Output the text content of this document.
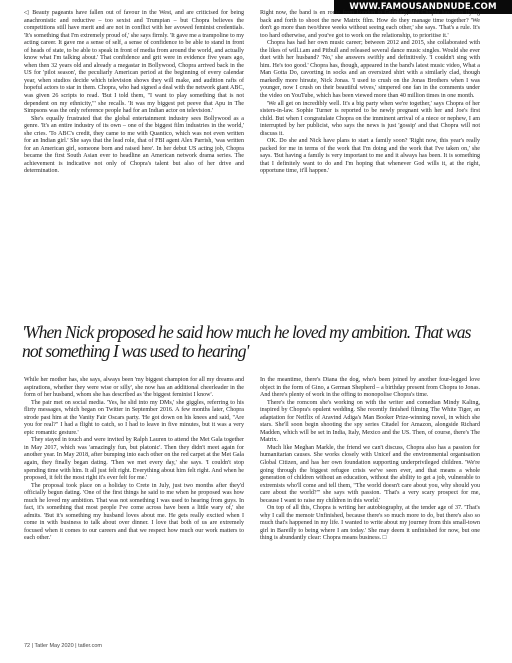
WWW.FAMOUSANDNUDE.COM

◁ Beauty pageants have fallen out of favour in the West, and are criticised for being anachronistic and reductive – too sexist and Trumpian – but Chopra believes the competitions still have merit and are not in conflict with her avowed feminist credentials. 'It's something that I'm extremely proud of,' she says firmly. 'It gave me a trampoline to my acting career. It gave me a sense of self, a sense of confidence to be able to stand in front of heads of state, to be able to speak in front of media from around the world, and actually know what I'm talking about.' That confidence and grit were in evidence five years ago, when then 32 years old and already a megastar in Bollywood, Chopra arrived back in the US for 'pilot season', the peculiarly American period at the beginning of every calendar year, when studios decide which television shows they will make, and audition rafts of hopeful actors to star in them. Chopra, who had signed a deal with the network giant ABC, was given 26 scripts to read. 'But I told them, "I want to play something that is not dependent on my ethnicity,"' she recalls. 'It was my biggest pet peeve that Apu in The Simpsons was the only reference people had for an Indian actor on television.'

She's equally frustrated that the global entertainment industry sees Bollywood as a genre. 'It's an entire industry of its own – one of the biggest film industries in the world,' she cries. 'To ABC's credit, they came to me with Quantico, which was not even written for an Indian girl.' She says that the lead role, that of FBI agent Alex Parrish, 'was written for an American girl, someone born and raised here'. In her debut US acting job, Chopra became the first South Asian ever to headline an American network drama series. The achievement is indicative not only of Chopra's talent but also of her drive and determination.

Right now, the band is en route from London to Germany, and Chopra has been flying back and forth to shoot the new Matrix film. How do they manage time together? 'We don't go more than two/three weeks without seeing each other,' she says. 'That's a rule. It's too hard otherwise, and you've got to work on the relationship, to prioritise it.'

Chopra has had her own music career; between 2012 and 2015, she collaborated with the likes of will.i.am and Pitbull and released several dance music singles. Would she ever duet with her husband? 'No,' she answers swiftly and definitively. 'I couldn't sing with him. He's too good.' Chopra has, though, appeared in the band's latest music video, What a Man Gotta Do, cavorting in socks and an oversized shirt with a similarly clad, though markedly more hirsute, Nick Jonas. 'I used to crush on the Jonas Brothers when I was younger, now I crush on their beautiful wives,' simpered one fan in the comments under the video on YouTube, which has been viewed more than 40 million times in one month.

'We all get on incredibly well. It's a big party when we're together,' says Chopra of her sisters-in-law. Sophie Turner is reported to be newly pregnant with her and Joe's first child. But when I congratulate Chopra on the imminent arrival of a niece or nephew, I am interrupted by her publicist, who says the news is just 'gossip' and that Chopra will not discuss it.

OK. Do she and Nick have plans to start a family soon? 'Right now, this year's really packed for me in terms of the work that I'm doing and the work that I've taken on,' she says. 'But having a family is very important to me and it always has been. It is something that I definitely want to do and I'm hoping that whenever God wills it, at the right, opportune time, it'll happen.'

'When Nick proposed he said how much he loved my ambition. That was not something I was used to hearing'

While her mother has, she says, always been 'my biggest champion for all my dreams and aspirations, whether they were wise or silly', she now has an additional cheerleader in the form of her husband, whom she has described as 'the biggest feminist I know'.

The pair met on social media. 'Yes, he slid into my DMs,' she giggles, referring to his flirty messages, which began on Twitter in September 2016. A few months later, Chopra strode past him at the Vanity Fair Oscars party. 'He got down on his knees and said, "Are you for real?" I had a flight to catch, so I had to leave in five minutes, but it was a very epic romantic gesture.'

They stayed in touch and were invited by Ralph Lauren to attend the Met Gala together in May 2017, which was 'amazingly fun, but platonic'. Then they didn't meet again for another year. In May 2018, after bumping into each other on the red carpet at the Met Gala again, they finally began dating. 'Then we met every day,' she says. 'I couldn't stop spending time with him. It all just felt right. Everything about him felt right. And when he proposed, it felt the most right it's ever felt for me.'

The proposal took place on a holiday to Crete in July, just two months after they'd officially begun dating. 'One of the first things he said to me when he proposed was how much he loved my ambition. That was not something I was used to hearing from guys. In fact, it's something that most people I've come across have been a little wary of,' she admits. 'But it's something my husband loves about me. He gets really excited when I come in with business to talk about over dinner. I love that both of us are extremely focused when it comes to our careers and that we respect how much our work matters to each other.'

In the meantime, there's Diana the dog, who's been joined by another four-legged love object in the form of Gino, a German Shepherd – a birthday present from Chopra to Jonas. And there's plenty of work in the offing to monopolise Chopra's time.

There's the romcom she's working on with the writer and comedian Mindy Kaling, inspired by Chopra's opulent wedding. She recently finished filming The White Tiger, an adaptation for Netflix of Aravind Adiga's Man Booker Prize-winning novel, in which she stars. She'll soon begin shooting the spy series Citadel for Amazon, alongside Richard Madden, which will be set in India, Italy, Mexico and the US. Then, of course, there's The Matrix.

Much like Meghan Markle, the friend we can't discuss, Chopra also has a passion for humanitarian causes. She works closely with Unicef and the environmental organisation Global Citizen, and has her own foundation supporting underprivileged children. 'We're going through the biggest refugee crisis we've seen ever, and that means a whole generation of children without an education, without the ability to get a job, vulnerable to extremists who'll come and tell them, "The world doesn't care about you, why should you care about the world?"' she says with passion. 'That's a very scary prospect for me, because I want to raise my children in this world.'

On top of all this, Chopra is writing her autobiography, at the tender age of 37. 'That's why I call the memoir Unfinished, because there's so much more to do, but there's also so much that's happened in my life. I wanted to write about my journey from this small-town girl in Bareilly to being where I am today.' She may deem it unfinished for now, but one thing is abundantly clear: Chopra means business. □

72 | Tatler May 2020 | tatler.com
